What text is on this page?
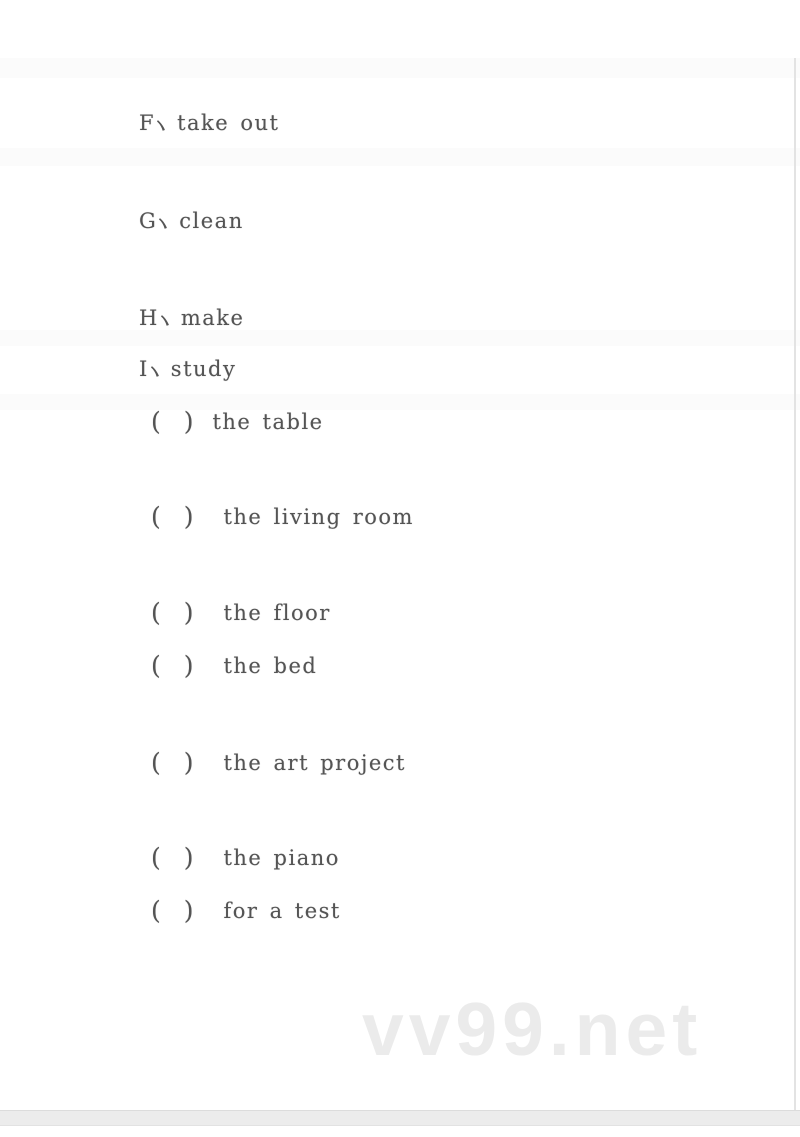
F take out
G clean
H make
I study
( ) the table
( ) the living room
( ) the floor
( ) the bed
( ) the art project
( ) the piano
( ) for a test
vv99.net
